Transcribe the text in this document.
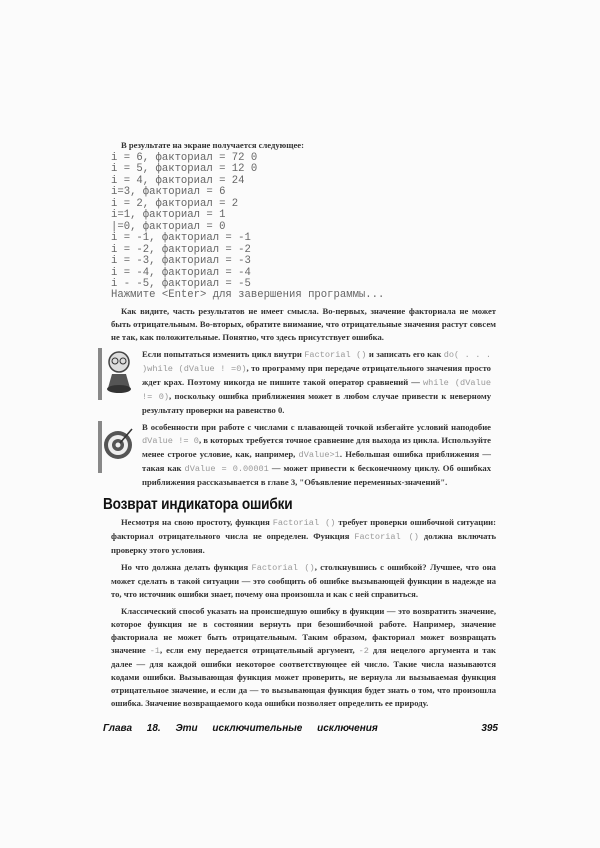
В результате на экране получается следующее:
i = 6, факториал = 72 0
i = 5, факториал = 12 0
i = 4, факториал = 24
i=3, факториал = 6
i = 2, факториал = 2
i=1, факториал = 1
|=0, факториал = 0
i = -1, факториал = -1
i = -2, факториал = -2
i = -3, факториал = -3
i = -4, факториал = -4
i - -5, факториал = -5
Нажмите <Enter> для завершения программы...
Как видите, часть результатов не имеет смысла. Во-первых, значение факториала не может быть отрицательным. Во-вторых, обратите внимание, что отрицательные значения растут совсем не так, как положительные. Понятно, что здесь присутствует ошибка.
Если попытаться изменить цикл внутри Factorial () и записать его как do( . . . )while (dValue ! =0), то программу при передаче отрицательного значения просто ждет крах. Поэтому никогда не пишите такой оператор сравнений — while (dValue != 0), поскольку ошибка приближения может в любом случае привести к неверному результату проверки на равенство 0.
В особенности при работе с числами с плавающей точкой избегайте условий наподобие dValue != 0, в которых требуется точное сравнение для выхода из цикла. Используйте менее строгое условие, как, например, dValue>1. Небольшая ошибка приближения — такая как dValue = 0.00001 — может привести к бесконечному циклу. Об ошибках приближения рассказывается в главе 3, "Объявление переменных-значений".
Возврат индикатора ошибки

Несмотря на свою простоту, функция Factorial () требует проверки ошибочной ситуации: факториал отрицательного числа не определен. Функция Factorial () должна включать проверку этого условия.

Но что должна делать функция Factorial (), столкнувшись с ошибкой? Лучшее, что она может сделать в такой ситуации — это сообщить об ошибке вызывающей функции в надежде на то, что источник ошибки знает, почему она произошла и как с ней справиться.

Классический способ указать на происшедшую ошибку в функции — это возвратить значение, которое функция не в состоянии вернуть при безошибочной работе. Например, значение факториала не может быть отрицательным. Таким образом, факториал может возвращать значение -1, если ему передается отрицательный аргумент, -2 для нецелого аргумента и так далее — для каждой ошибки некоторое соответствующее ей число. Такие числа называются кодами ошибки. Вызывающая функция может проверить, не вернула ли вызываемая функция отрицательное значение, и если да — то вызывающая функция будет знать о том, что произошла ошибка. Значение возвращаемого кода ошибки позволяет определить ее природу.

Глава 18. Эти исключительные исключения	395
